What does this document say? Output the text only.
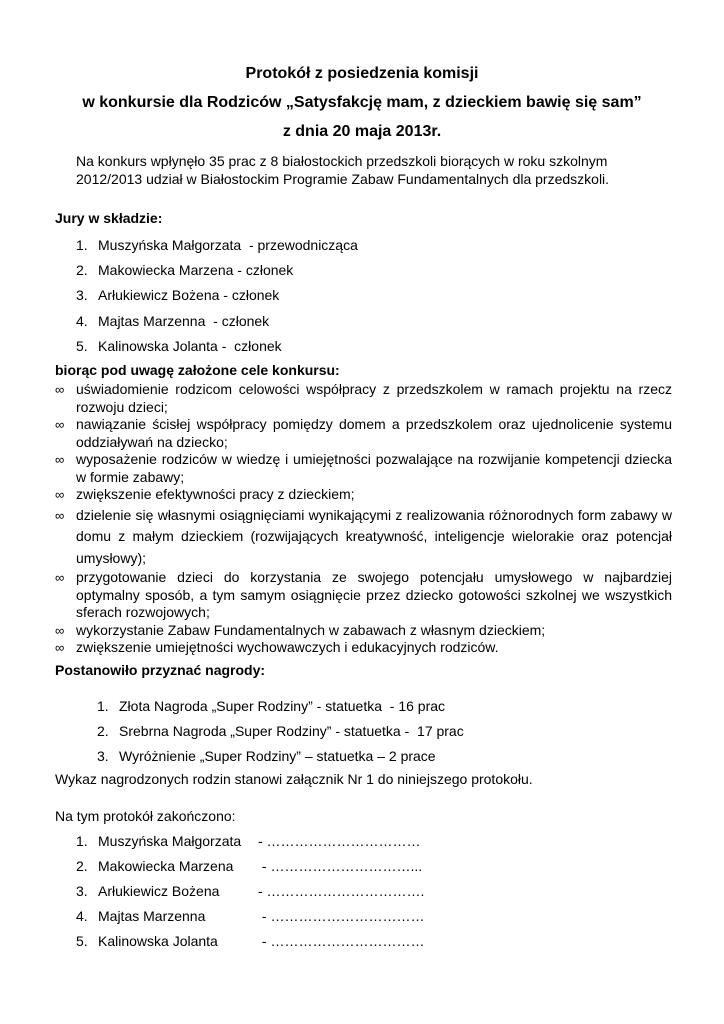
Protokół z posiedzenia komisji
w konkursie dla Rodziców „Satysfakcję mam, z dzieckiem bawię się sam”
z dnia 20 maja 2013r.
Na konkurs wpłynęło 35 prac z 8 białostockich przedszkoli biorących w roku szkolnym 2012/2013 udział w Białostockim Programie Zabaw Fundamentalnych dla przedszkoli.
Jury w składzie:
1. Muszyńska Małgorzata  - przewodnicząca
2. Makowiecka Marzena - członek
3. Arłukiewicz Bożena - członek
4. Majtas Marzenna  - członek
5. Kalinowska Jolanta -  członek
biorąc pod uwagę założone cele konkursu:
∞ uświadomienie rodzicom celowości współpracy z przedszkolem w ramach projektu na rzecz rozwoju dzieci;
∞ nawiązanie ścisłej współpracy pomiędzy domem a przedszkolem oraz ujednolicenie systemu oddziaływań na dziecko;
∞ wyposażenie rodziców w wiedzę i umiejętności pozwalające na rozwijanie kompetencji dziecka w formie zabawy;
∞ zwiększenie efektywności pracy z dzieckiem;
∞ dzielenie się własnymi osiągnięciami wynikającymi z realizowania różnorodnych form zabawy w domu z małym dzieckiem (rozwijających kreatywność, inteligencje wielorakie oraz potencjał umysłowy);
∞ przygotowanie dzieci do korzystania ze swojego potencjału umysłowego w najbardziej optymalny sposób, a tym samym osiągnięcie przez dziecko gotowości szkolnej we wszystkich sferach rozwojowych;
∞ wykorzystanie Zabaw Fundamentalnych w zabawach z własnym dzieckiem;
∞ zwiększenie umiejętności wychowawczych i edukacyjnych rodziców.
Postanowiło przyznać nagrody:
1. Złota Nagroda „Super Rodziny” - statuetka  - 16 prac
2. Srebrna Nagroda „Super Rodziny” - statuetka -  17 prac
3. Wyróżnienie „Super Rodziny” – statuetka – 2 prace
Wykaz nagrodzonych rodzin stanowi załącznik Nr 1 do niniejszego protokołu.
Na tym protokół zakończono:
1. Muszyńska Małgorzata - ……………………………
2. Makowiecka Marzena - …………………………...
3. Arłukiewicz Bożena	- …………………………….
4. Majtas Marzenna	- ……………………………
5. Kalinowska Jolanta	- ……………………………
